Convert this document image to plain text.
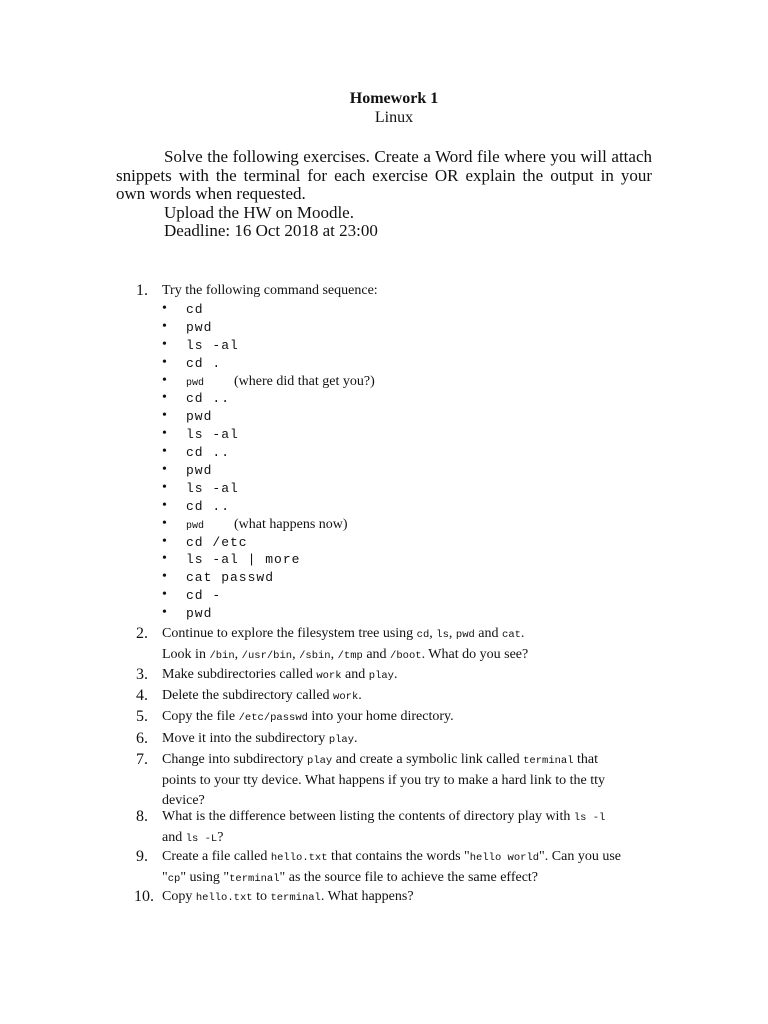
Homework 1
Linux

Solve the following exercises. Create a Word file where you will attach snippets with the terminal for each exercise OR explain the output in your own words when requested.

Upload the HW on Moodle.

Deadline: 16 Oct 2018 at 23:00

1. Try the following command sequence:
• cd
• pwd
• ls -al
• cd .
• pwd (where did that get you?)
• cd ..
• pwd
• ls -al
• cd ..
• pwd
• ls -al
• cd ..
• pwd (what happens now)
• cd /etc
• ls -al | more
• cat passwd
• cd -
• pwd
2. Continue to explore the filesystem tree using cd, ls, pwd and cat.
Look in /bin, /usr/bin, /sbin, /tmp and /boot. What do you see?
3. Make subdirectories called work and play.
4. Delete the subdirectory called work.
5. Copy the file /etc/passwd into your home directory.
6. Move it into the subdirectory play.
7. Change into subdirectory play and create a symbolic link called terminal that points to your tty device. What happens if you try to make a hard link to the tty device?
8. What is the difference between listing the contents of directory play with ls -l and ls -L?
9. Create a file called hello.txt that contains the words "hello world". Can you use "cp" using "terminal" as the source file to achieve the same effect?
10. Copy hello.txt to terminal. What happens?
